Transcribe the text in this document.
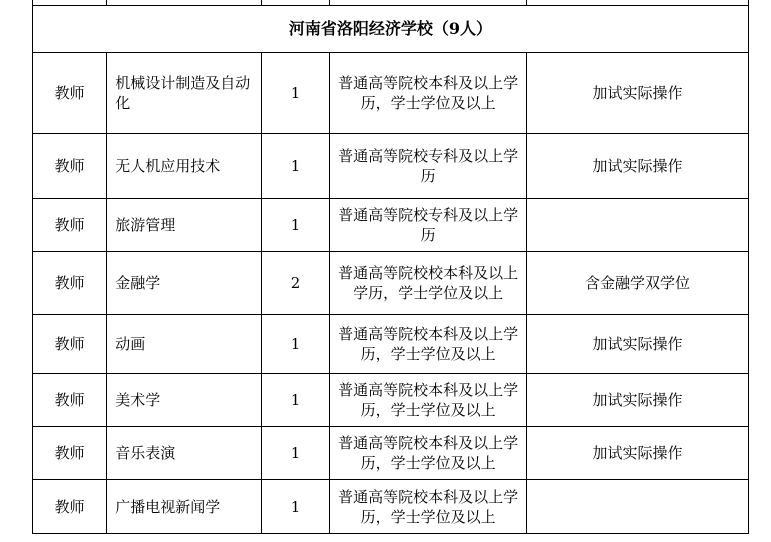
河南省洛阳经济学校（9人）				
教师	机械设计制造及自动化	1	普通高等院校本科及以上学历，学士学位及以上	加试实际操作
教师	无人机应用技术	1	普通高等院校专科及以上学历	加试实际操作
教师	旅游管理	1	普通高等院校专科及以上学历	
教师	金融学	2	普通高等院校校本科及以上学历，学士学位及以上	含金融学双学位
教师	动画	1	普通高等院校本科及以上学历，学士学位及以上	加试实际操作
教师	美术学	1	普通高等院校本科及以上学历，学士学位及以上	加试实际操作
教师	音乐表演	1	普通高等院校本科及以上学历，学士学位及以上	加试实际操作
教师	广播电视新闻学	1	普通高等院校本科及以上学历，学士学位及以上	
